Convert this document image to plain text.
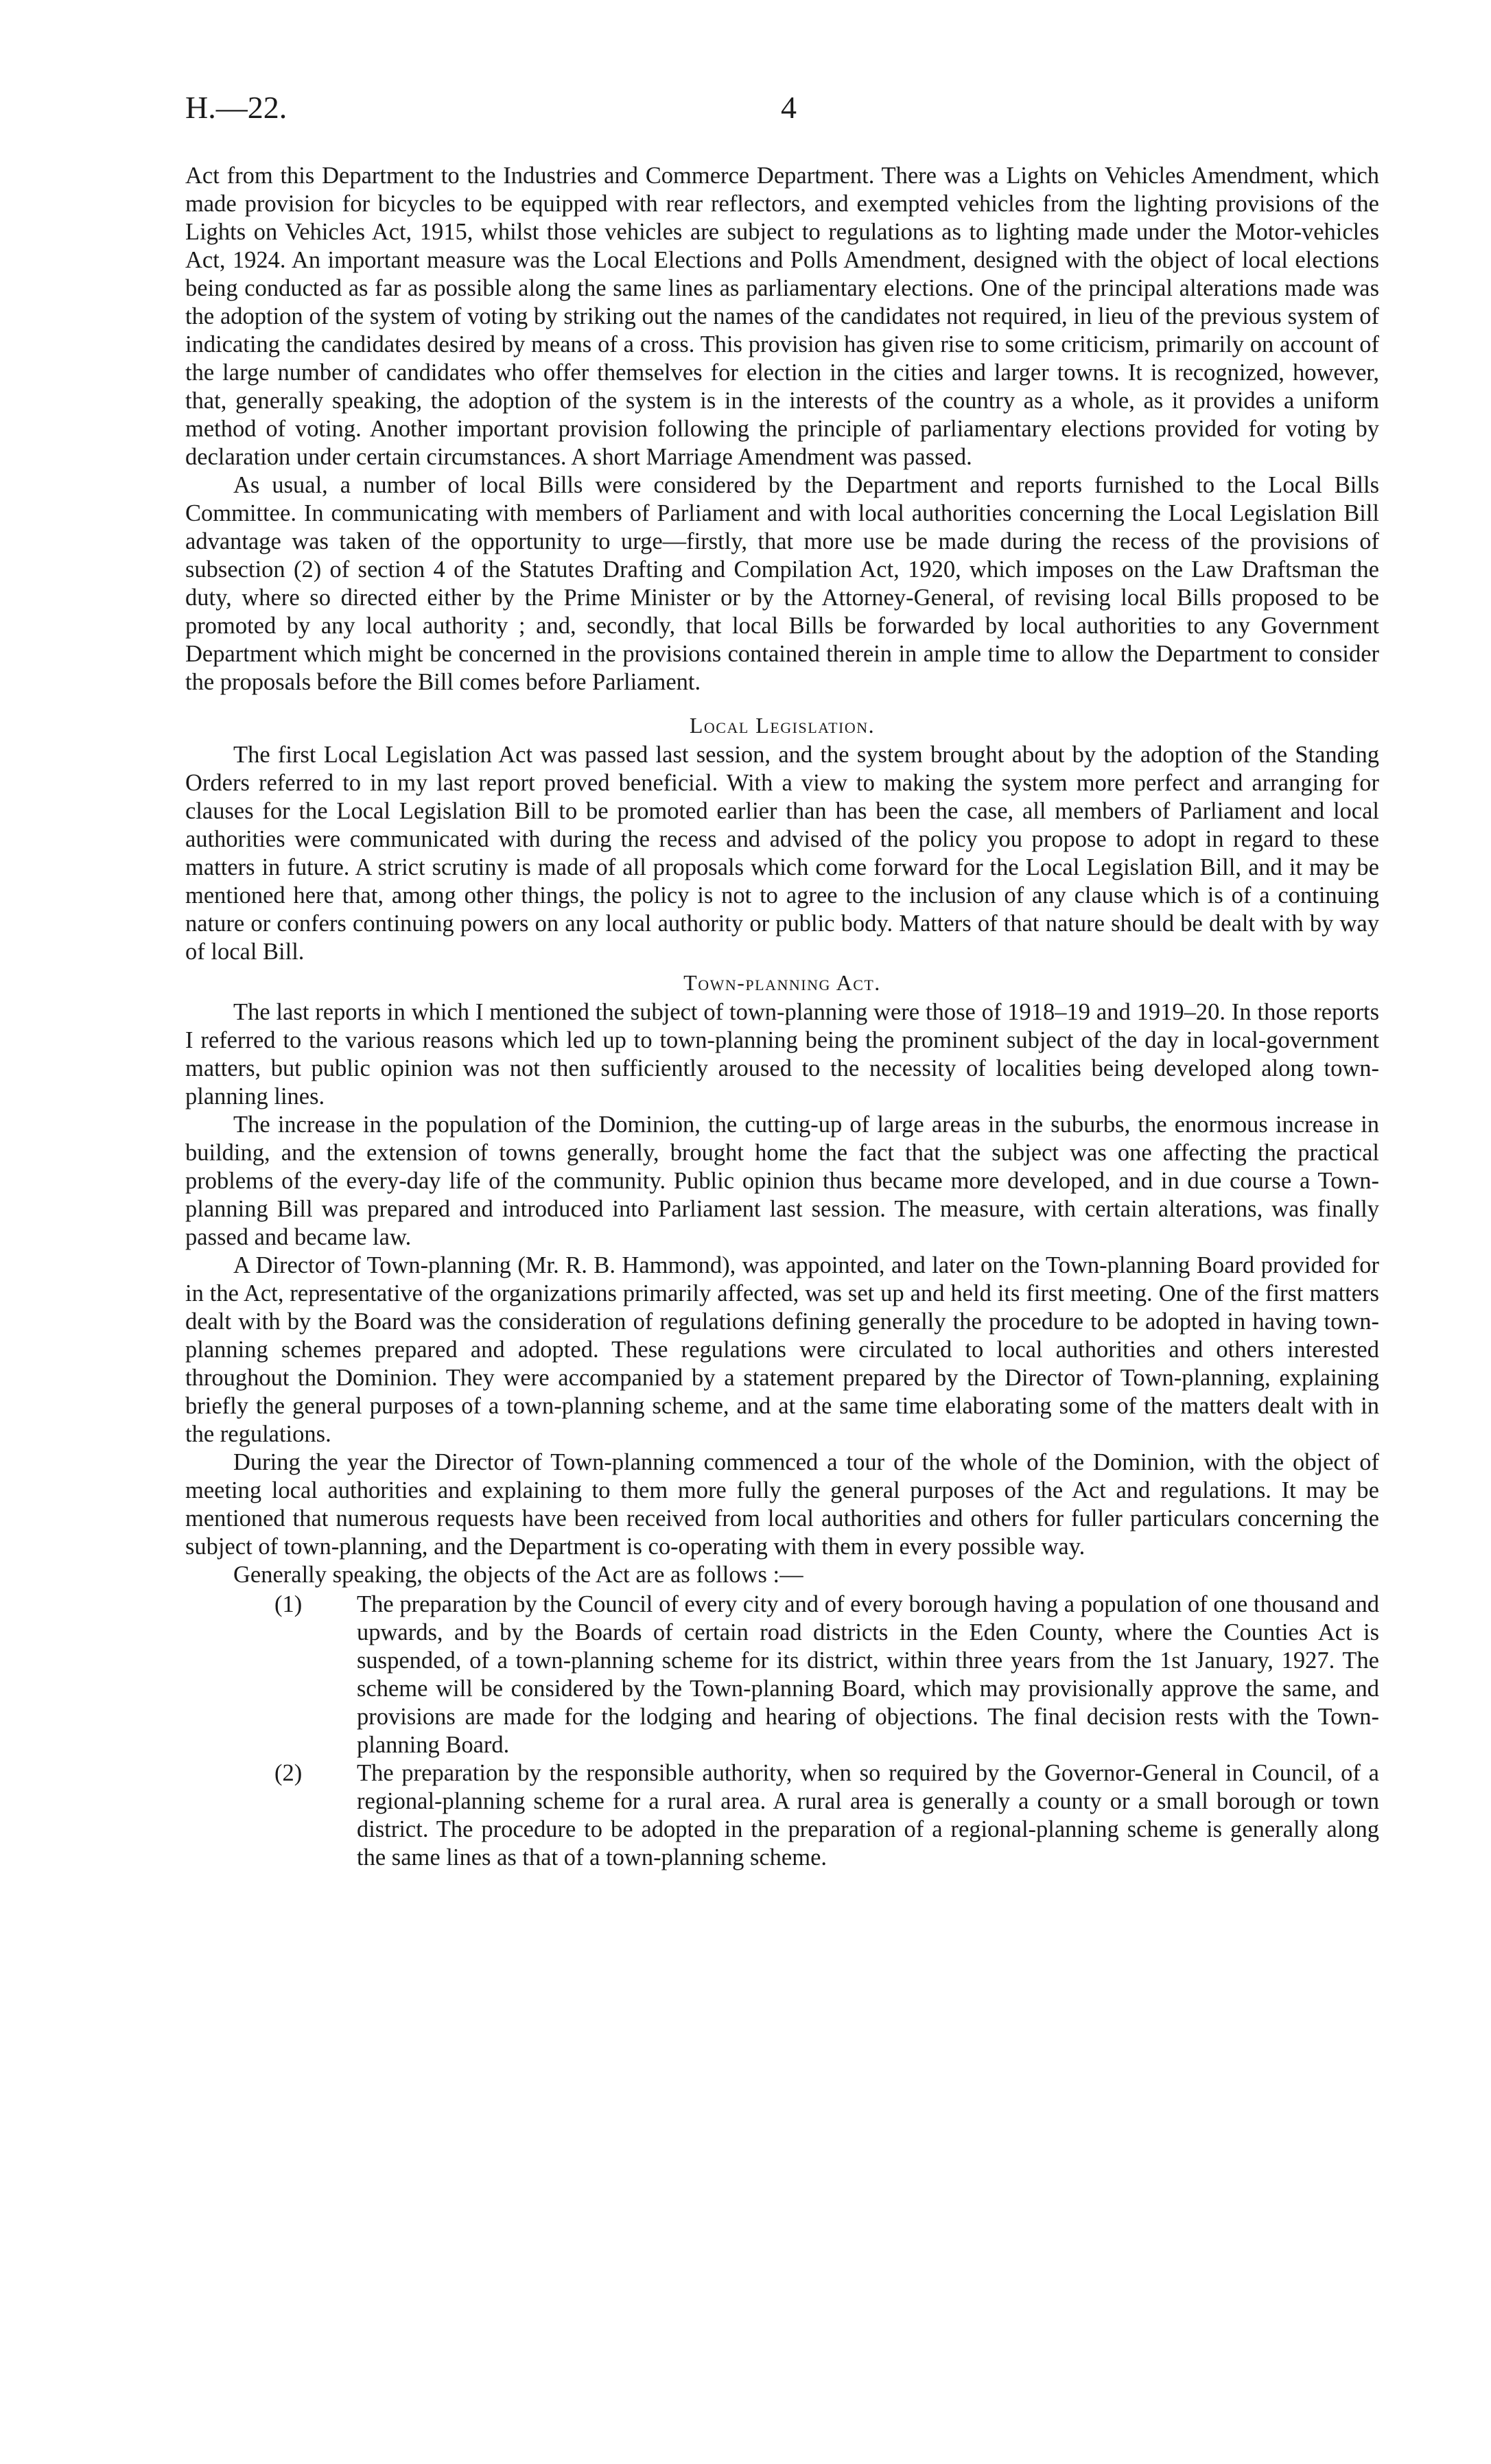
H.—22.	4

Act from this Department to the Industries and Commerce Department. There was a Lights on Vehicles Amendment, which made provision for bicycles to be equipped with rear reflectors, and exempted vehicles from the lighting provisions of the Lights on Vehicles Act, 1915, whilst those vehicles are subject to regulations as to lighting made under the Motor-vehicles Act, 1924. An important measure was the Local Elections and Polls Amendment, designed with the object of local elections being conducted as far as possible along the same lines as parliamentary elections. One of the principal alterations made was the adoption of the system of voting by striking out the names of the candidates not required, in lieu of the previous system of indicating the candidates desired by means of a cross. This provision has given rise to some criticism, primarily on account of the large number of candidates who offer themselves for election in the cities and larger towns. It is recognized, however, that, generally speaking, the adoption of the system is in the interests of the country as a whole, as it provides a uniform method of voting. Another important provision following the principle of parliamentary elections provided for voting by declaration under certain circumstances. A short Marriage Amendment was passed.

As usual, a number of local Bills were considered by the Department and reports furnished to the Local Bills Committee. In communicating with members of Parliament and with local authorities concerning the Local Legislation Bill advantage was taken of the opportunity to urge—firstly, that more use be made during the recess of the provisions of subsection (2) of section 4 of the Statutes Drafting and Compilation Act, 1920, which imposes on the Law Draftsman the duty, where so directed either by the Prime Minister or by the Attorney-General, of revising local Bills proposed to be promoted by any local authority ; and, secondly, that local Bills be forwarded by local authorities to any Government Department which might be concerned in the provisions contained therein in ample time to allow the Department to consider the proposals before the Bill comes before Parliament.

Local Legislation.

The first Local Legislation Act was passed last session, and the system brought about by the adoption of the Standing Orders referred to in my last report proved beneficial. With a view to making the system more perfect and arranging for clauses for the Local Legislation Bill to be promoted earlier than has been the case, all members of Parliament and local authorities were communicated with during the recess and advised of the policy you propose to adopt in regard to these matters in future. A strict scrutiny is made of all proposals which come forward for the Local Legislation Bill, and it may be mentioned here that, among other things, the policy is not to agree to the inclusion of any clause which is of a continuing nature or confers continuing powers on any local authority or public body. Matters of that nature should be dealt with by way of local Bill.

Town-planning Act.

The last reports in which I mentioned the subject of town-planning were those of 1918–19 and 1919–20. In those reports I referred to the various reasons which led up to town-planning being the prominent subject of the day in local-government matters, but public opinion was not then sufficiently aroused to the necessity of localities being developed along town-planning lines.

The increase in the population of the Dominion, the cutting-up of large areas in the suburbs, the enormous increase in building, and the extension of towns generally, brought home the fact that the subject was one affecting the practical problems of the every-day life of the community. Public opinion thus became more developed, and in due course a Town-planning Bill was prepared and introduced into Parliament last session. The measure, with certain alterations, was finally passed and became law.

A Director of Town-planning (Mr. R. B. Hammond), was appointed, and later on the Town-planning Board provided for in the Act, representative of the organizations primarily affected, was set up and held its first meeting. One of the first matters dealt with by the Board was the consideration of regulations defining generally the procedure to be adopted in having town-planning schemes prepared and adopted. These regulations were circulated to local authorities and others interested throughout the Dominion. They were accompanied by a statement prepared by the Director of Town-planning, explaining briefly the general purposes of a town-planning scheme, and at the same time elaborating some of the matters dealt with in the regulations.

During the year the Director of Town-planning commenced a tour of the whole of the Dominion, with the object of meeting local authorities and explaining to them more fully the general purposes of the Act and regulations. It may be mentioned that numerous requests have been received from local authorities and others for fuller particulars concerning the subject of town-planning, and the Department is co-operating with them in every possible way.

Generally speaking, the objects of the Act are as follows :—

(1) The preparation by the Council of every city and of every borough having a population of one thousand and upwards, and by the Boards of certain road districts in the Eden County, where the Counties Act is suspended, of a town-planning scheme for its district, within three years from the 1st January, 1927. The scheme will be considered by the Town-planning Board, which may provisionally approve the same, and provisions are made for the lodging and hearing of objections. The final decision rests with the Town-planning Board.
(2) The preparation by the responsible authority, when so required by the Governor-General in Council, of a regional-planning scheme for a rural area. A rural area is generally a county or a small borough or town district. The procedure to be adopted in the preparation of a regional-planning scheme is generally along the same lines as that of a town-planning scheme.
